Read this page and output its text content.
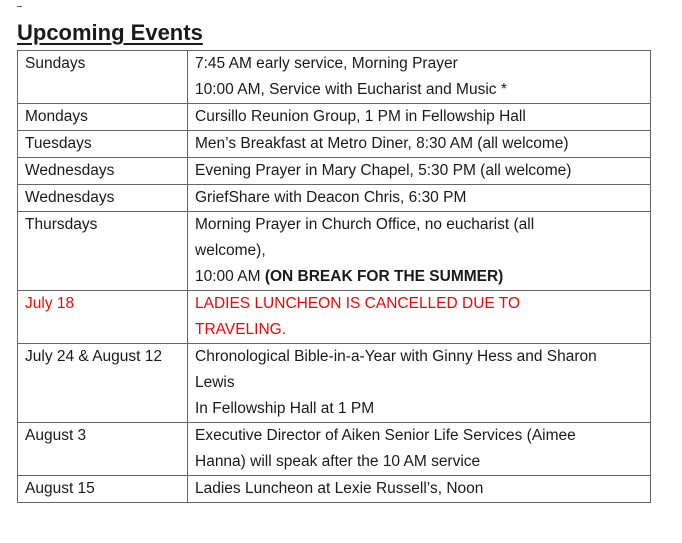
Upcoming Events
Sundays	7:45 AM early service, Morning Prayer
10:00 AM, Service with Eucharist and Music *

Mondays	Cursillo Reunion Group, 1 PM in Fellowship Hall

Tuesdays	Men’s Breakfast at Metro Diner, 8:30 AM (all welcome)

Wednesdays	Evening Prayer in Mary Chapel, 5:30 PM (all welcome)

Wednesdays	GriefShare with Deacon Chris, 6:30 PM

Thursdays	Morning Prayer in Church Office, no eucharist (all
welcome),
10:00 AM (ON BREAK FOR THE SUMMER)

July 18	LADIES LUNCHEON IS CANCELLED DUE TO
TRAVELING.

July 24 & August 12	Chronological Bible-in-a-Year with Ginny Hess and Sharon
Lewis
In Fellowship Hall at 1 PM

August 3	Executive Director of Aiken Senior Life Services (Aimee
Hanna) will speak after the 10 AM service

August 15	Ladies Luncheon at Lexie Russell’s, Noon
